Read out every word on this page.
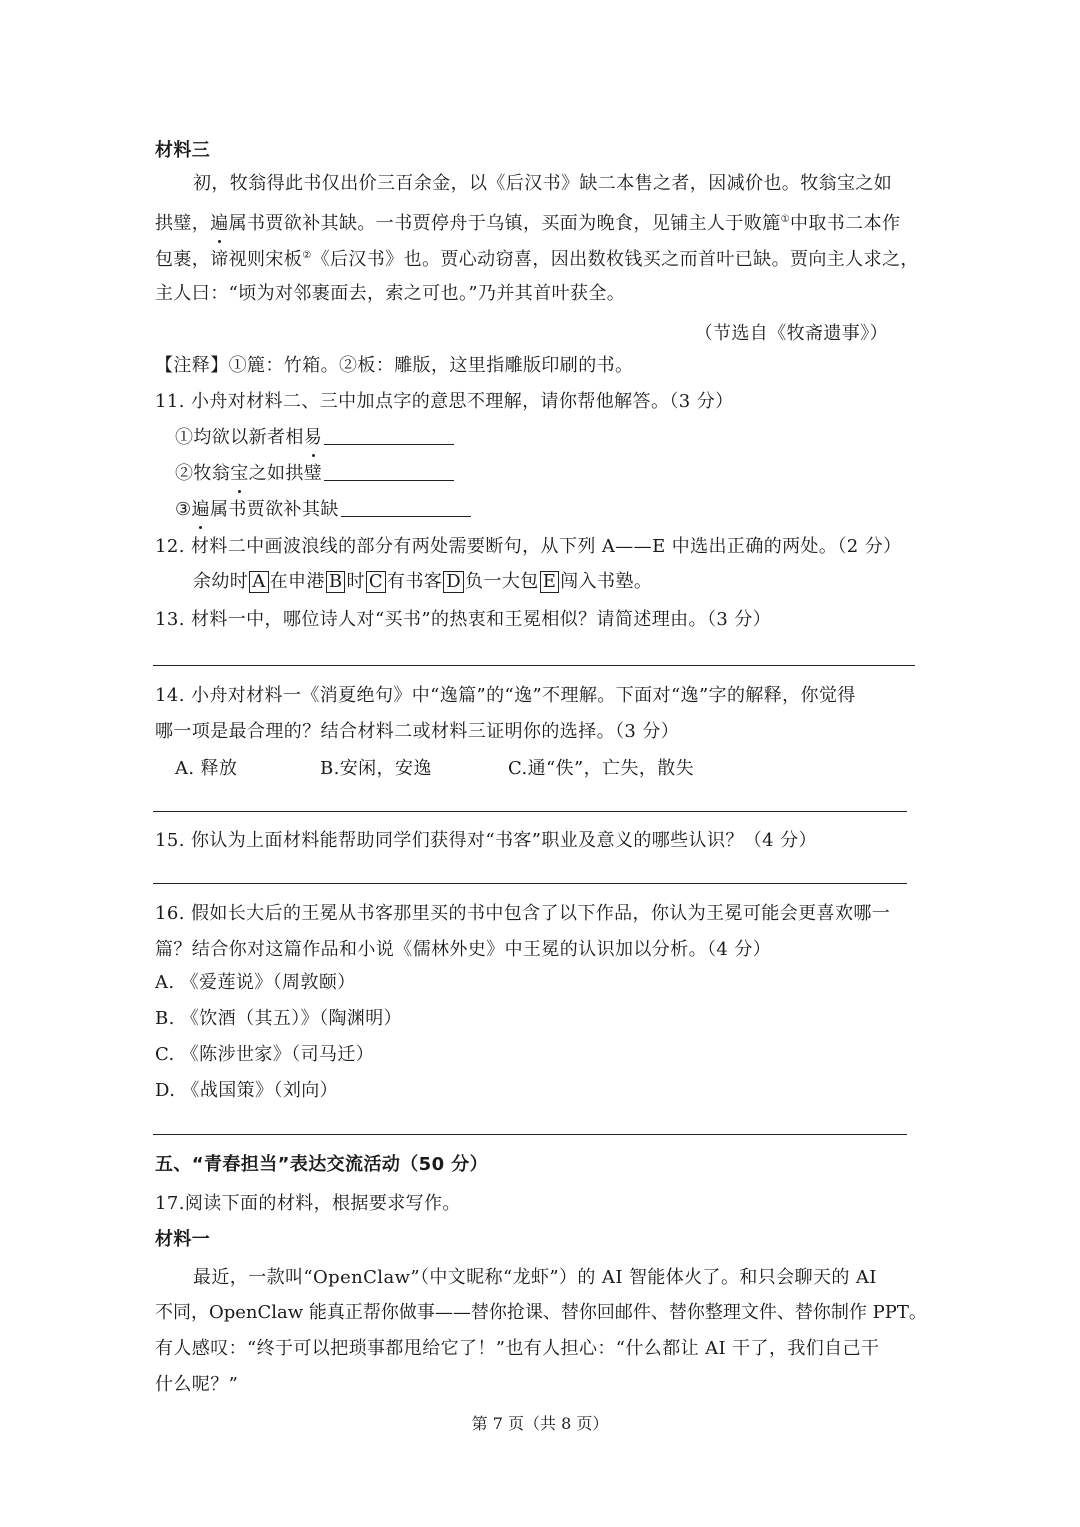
材料三
初，牧翁得此书仅出价三百余金，以《后汉书》缺二本售之者，因减价也。牧翁宝之如
拱璧，遍属书贾欲补其缺。一书贾停舟于乌镇，买面为晚食，见铺主人于败簏①中取书二本作
包裹，谛视则宋板②《后汉书》也。贾心动窃喜，因出数枚钱买之而首叶已缺。贾向主人求之，
主人曰：“顷为对邻裹面去，索之可也。”乃并其首叶获全。
（节选自《牧斋遗事》）
【注释】①簏：竹箱。②板：雕版，这里指雕版印刷的书。
11. 小舟对材料二、三中加点字的意思不理解，请你帮他解答。（3 分）
①均欲以新者相易
②牧翁宝之如拱璧
③遍属书贾欲补其缺
12. 材料二中画波浪线的部分有两处需要断句，从下列 A——E 中选出正确的两处。（2 分）
余幼时 A 在申港 B 时 C 有书客 D 负一大包 E 闯入书塾。
13. 材料一中，哪位诗人对“买书”的热衷和王冕相似？请简述理由。（3 分）
14. 小舟对材料一《消夏绝句》中“逸篇”的“逸”不理解。下面对“逸”字的解释，你觉得
哪一项是最合理的？结合材料二或材料三证明你的选择。（3 分）
A. 释放	B.安闲，安逸	C.通“佚”，亡失，散失
15. 你认为上面材料能帮助同学们获得对“书客”职业及意义的哪些认识？（4 分）
16. 假如长大后的王冕从书客那里买的书中包含了以下作品，你认为王冕可能会更喜欢哪一
篇？结合你对这篇作品和小说《儒林外史》中王冕的认识加以分析。（4 分）
A. 《爱莲说》（周敦颐）
B. 《饮酒（其五）》（陶渊明）
C. 《陈涉世家》（司马迁）
D. 《战国策》（刘向）
五、“青春担当”表达交流活动（50 分）
17.阅读下面的材料，根据要求写作。
材料一
最近，一款叫“OpenClaw”（中文昵称“龙虾”）的 AI 智能体火了。和只会聊天的 AI
不同，OpenClaw 能真正帮你做事——替你抢课、替你回邮件、替你整理文件、替你制作 PPT。
有人感叹：“终于可以把琐事都甩给它了！”也有人担心：“什么都让 AI 干了，我们自己干
什么呢？”
第 7 页（共 8 页）
